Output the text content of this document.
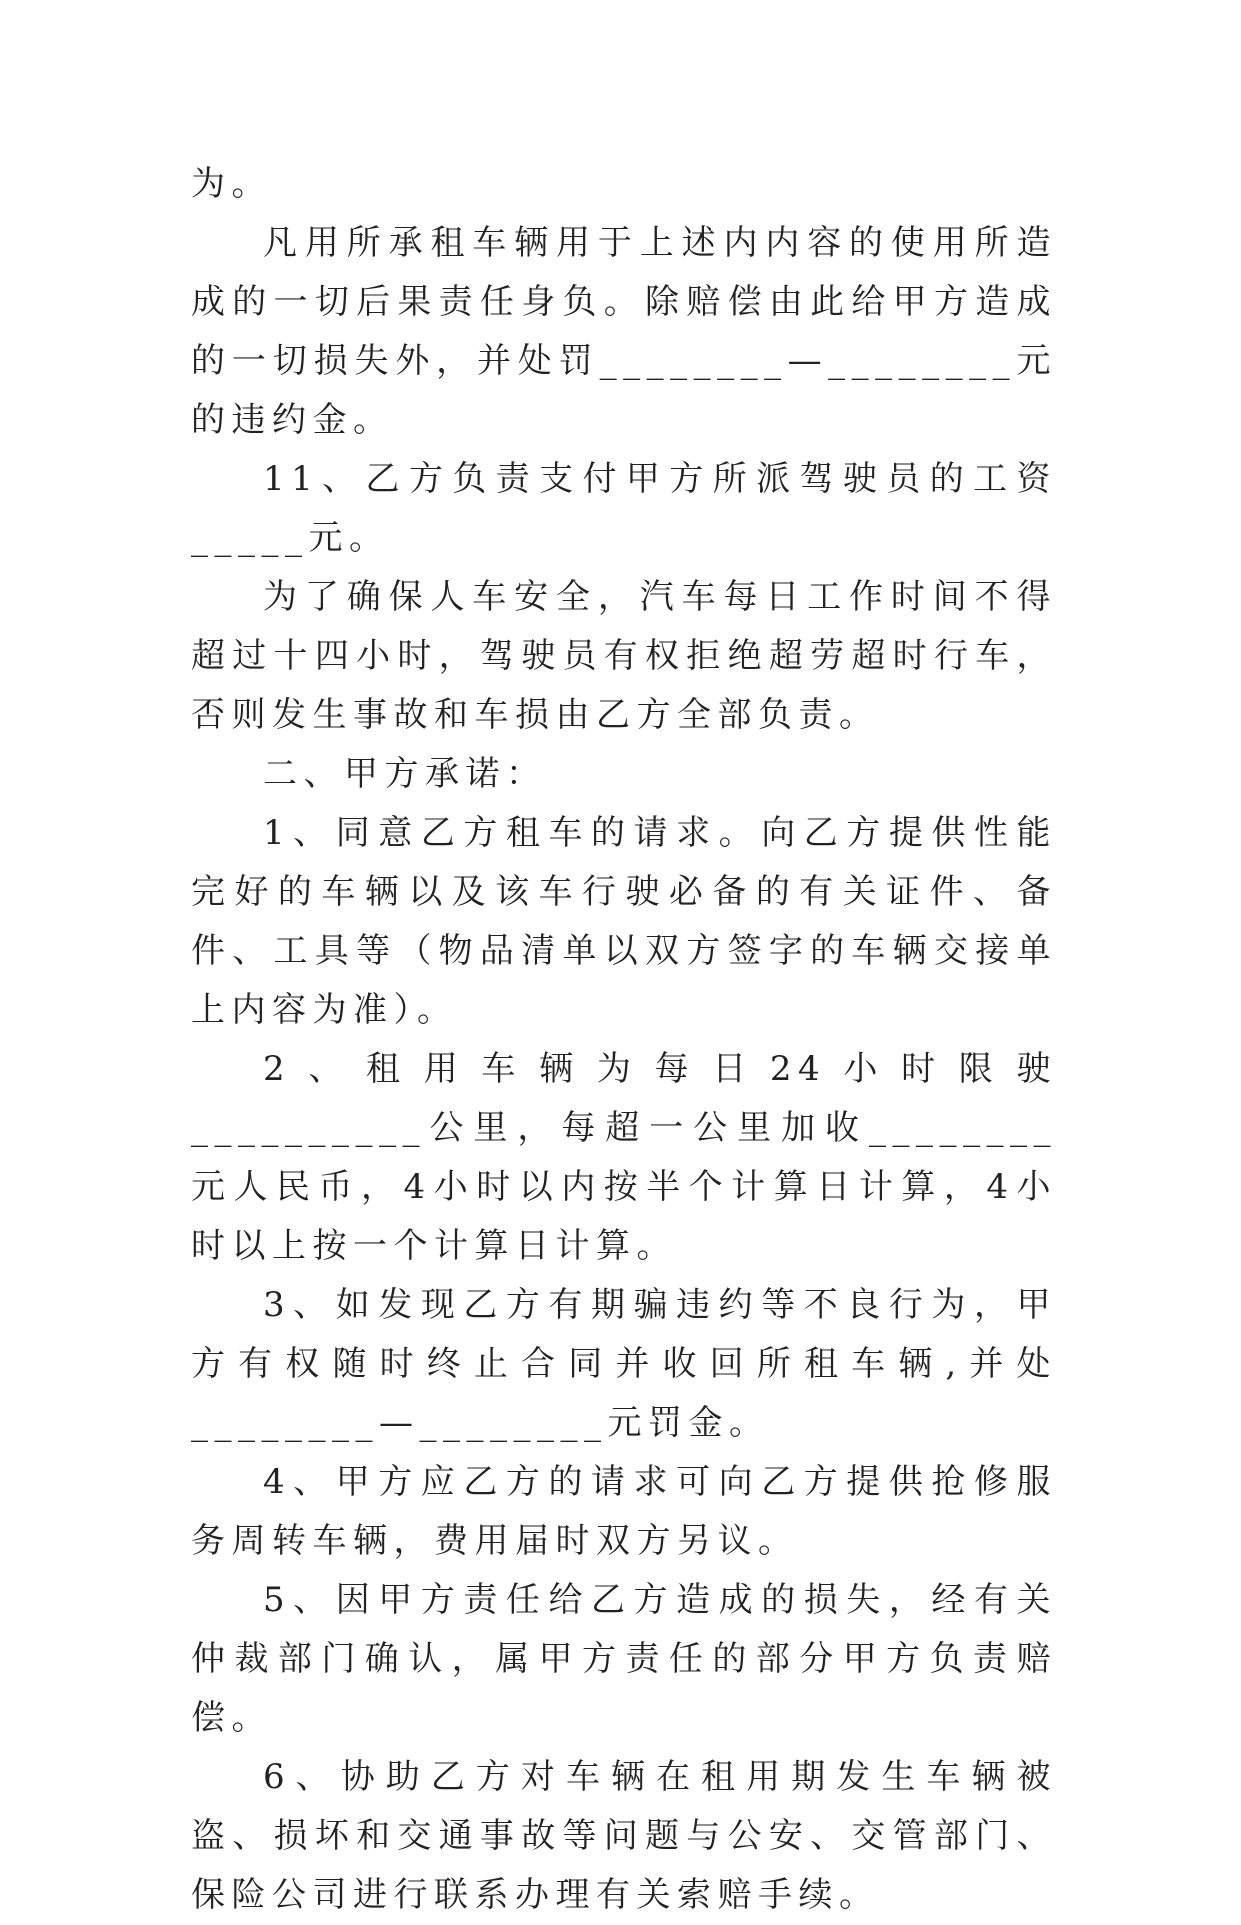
为。

凡用所承租车辆用于上述内内容的使用所造成的一切后果责任身负。除赔偿由此给甲方造成的一切损失外，并处罚________—________元的违约金。

11、乙方负责支付甲方所派驾驶员的工资_____元。

为了确保人车安全，汽车每日工作时间不得超过十四小时，驾驶员有权拒绝超劳超时行车，否则发生事故和车损由乙方全部负责。

二、甲方承诺：

1、同意乙方租车的请求。向乙方提供性能完好的车辆以及该车行驶必备的有关证件、备件、工具等（物品清单以双方签字的车辆交接单上内容为准）。

2、租用车辆为每日24小时限驶__________公里，每超一公里加收________元人民币，4小时以内按半个计算日计算，4小时以上按一个计算日计算。

3、如发现乙方有期骗违约等不良行为，甲方有权随时终止合同并收回所租车辆,并处________—________元罚金。

4、甲方应乙方的请求可向乙方提供抢修服务周转车辆，费用届时双方另议。

5、因甲方责任给乙方造成的损失，经有关仲裁部门确认，属甲方责任的部分甲方负责赔偿。

6、协助乙方对车辆在租用期发生车辆被盗、损坏和交通事故等问题与公安、交管部门、保险公司进行联系办理有关索赔手续。
